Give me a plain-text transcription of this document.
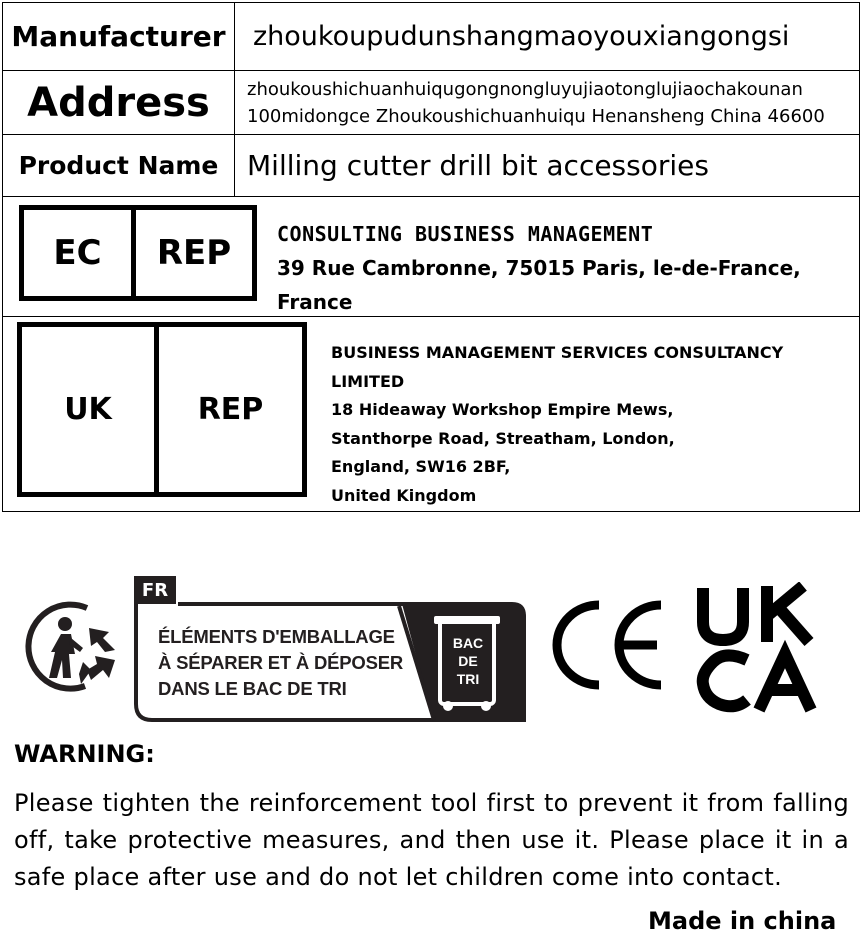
Manufacturer	zhoukoupudunshangmaoyouxiangongsi
Address	zhoukoushichuanhuiqugongnongluyujiaotonglujiaochakounan
100midongce Zhoukoushichuanhuiqu Henansheng China 46600
Product Name	Milling cutter drill bit accessories
EC	REP	CONSULTING BUSINESS MANAGEMENT
39 Rue Cambronne, 75015 Paris, le-de-France, France
UK	REP
BUSINESS MANAGEMENT SERVICES CONSULTANCY LIMITED
18 Hideaway Workshop Empire Mews,
Stanthorpe Road, Streatham, London,
England, SW16 2BF,
United Kingdom
FR
ÉLÉMENTS D'EMBALLAGE
À SÉPARER ET À DÉPOSER
DANS LE BAC DE TRI
BAC
DE
TRI
WARNING:
Please tighten the reinforcement tool first to prevent it from falling off, take protective measures, and then use it. Please place it in a safe place after use and do not let children come into contact.
Made in china
